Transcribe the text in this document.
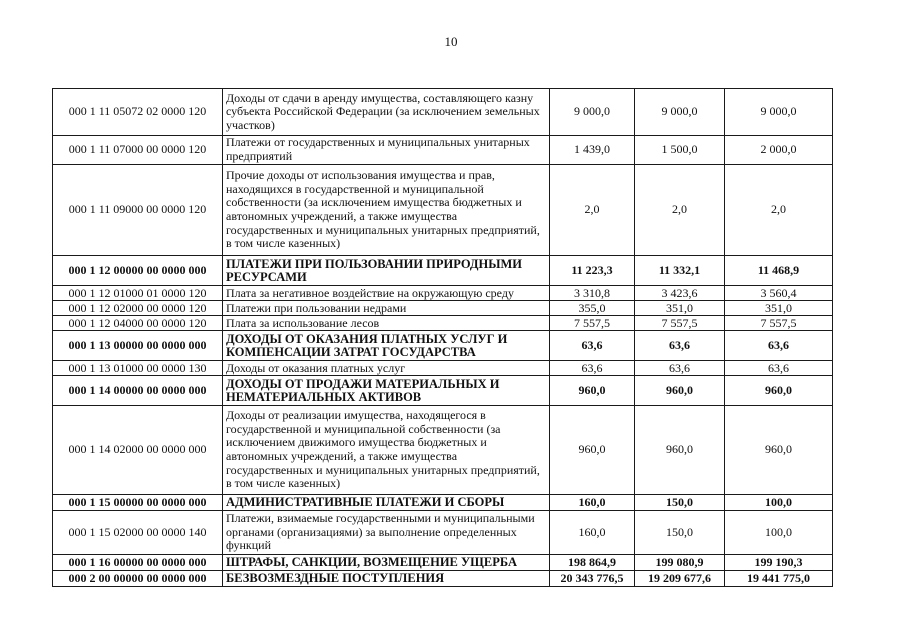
10
000 1 11 05072 02 0000 120	Доходы от сдачи в аренду имущества, составляющего казну субъекта Российской Федерации (за исключением земельных участков)	9 000,0	9 000,0	9 000,0
000 1 11 07000 00 0000 120	Платежи от государственных и муниципальных унитарных предприятий	1 439,0	1 500,0	2 000,0
000 1 11 09000 00 0000 120	Прочие доходы от использования имущества и прав, находящихся в государственной и муниципальной собственности (за исключением имущества бюджетных и автономных учреждений, а также имущества государственных и муниципальных унитарных предприятий, в том числе казенных)	2,0	2,0	2,0
000 1 12 00000 00 0000 000	ПЛАТЕЖИ ПРИ ПОЛЬЗОВАНИИ ПРИРОДНЫМИ РЕСУРСАМИ	11 223,3	11 332,1	11 468,9
000 1 12 01000 01 0000 120	Плата за негативное воздействие на окружающую среду	3 310,8	3 423,6	3 560,4
000 1 12 02000 00 0000 120	Платежи при пользовании недрами	355,0	351,0	351,0
000 1 12 04000 00 0000 120	Плата за использование лесов	7 557,5	7 557,5	7 557,5
000 1 13 00000 00 0000 000	ДОХОДЫ ОТ ОКАЗАНИЯ ПЛАТНЫХ УСЛУГ И КОМПЕНСАЦИИ ЗАТРАТ ГОСУДАРСТВА	63,6	63,6	63,6
000 1 13 01000 00 0000 130	Доходы от оказания платных услуг	63,6	63,6	63,6
000 1 14 00000 00 0000 000	ДОХОДЫ ОТ ПРОДАЖИ МАТЕРИАЛЬНЫХ И НЕМАТЕРИАЛЬНЫХ АКТИВОВ	960,0	960,0	960,0
000 1 14 02000 00 0000 000	Доходы от реализации имущества, находящегося в государственной и муниципальной собственности (за исключением движимого имущества бюджетных и автономных учреждений, а также имущества государственных и муниципальных унитарных предприятий, в том числе казенных)	960,0	960,0	960,0
000 1 15 00000 00 0000 000	АДМИНИСТРАТИВНЫЕ ПЛАТЕЖИ И СБОРЫ	160,0	150,0	100,0
000 1 15 02000 00 0000 140	Платежи, взимаемые государственными и муниципальными органами (организациями) за выполнение определенных функций	160,0	150,0	100,0
000 1 16 00000 00 0000 000	ШТРАФЫ, САНКЦИИ, ВОЗМЕЩЕНИЕ УЩЕРБА	198 864,9	199 080,9	199 190,3
000 2 00 00000 00 0000 000	БЕЗВОЗМЕЗДНЫЕ ПОСТУПЛЕНИЯ	20 343 776,5	19 209 677,6	19 441 775,0
